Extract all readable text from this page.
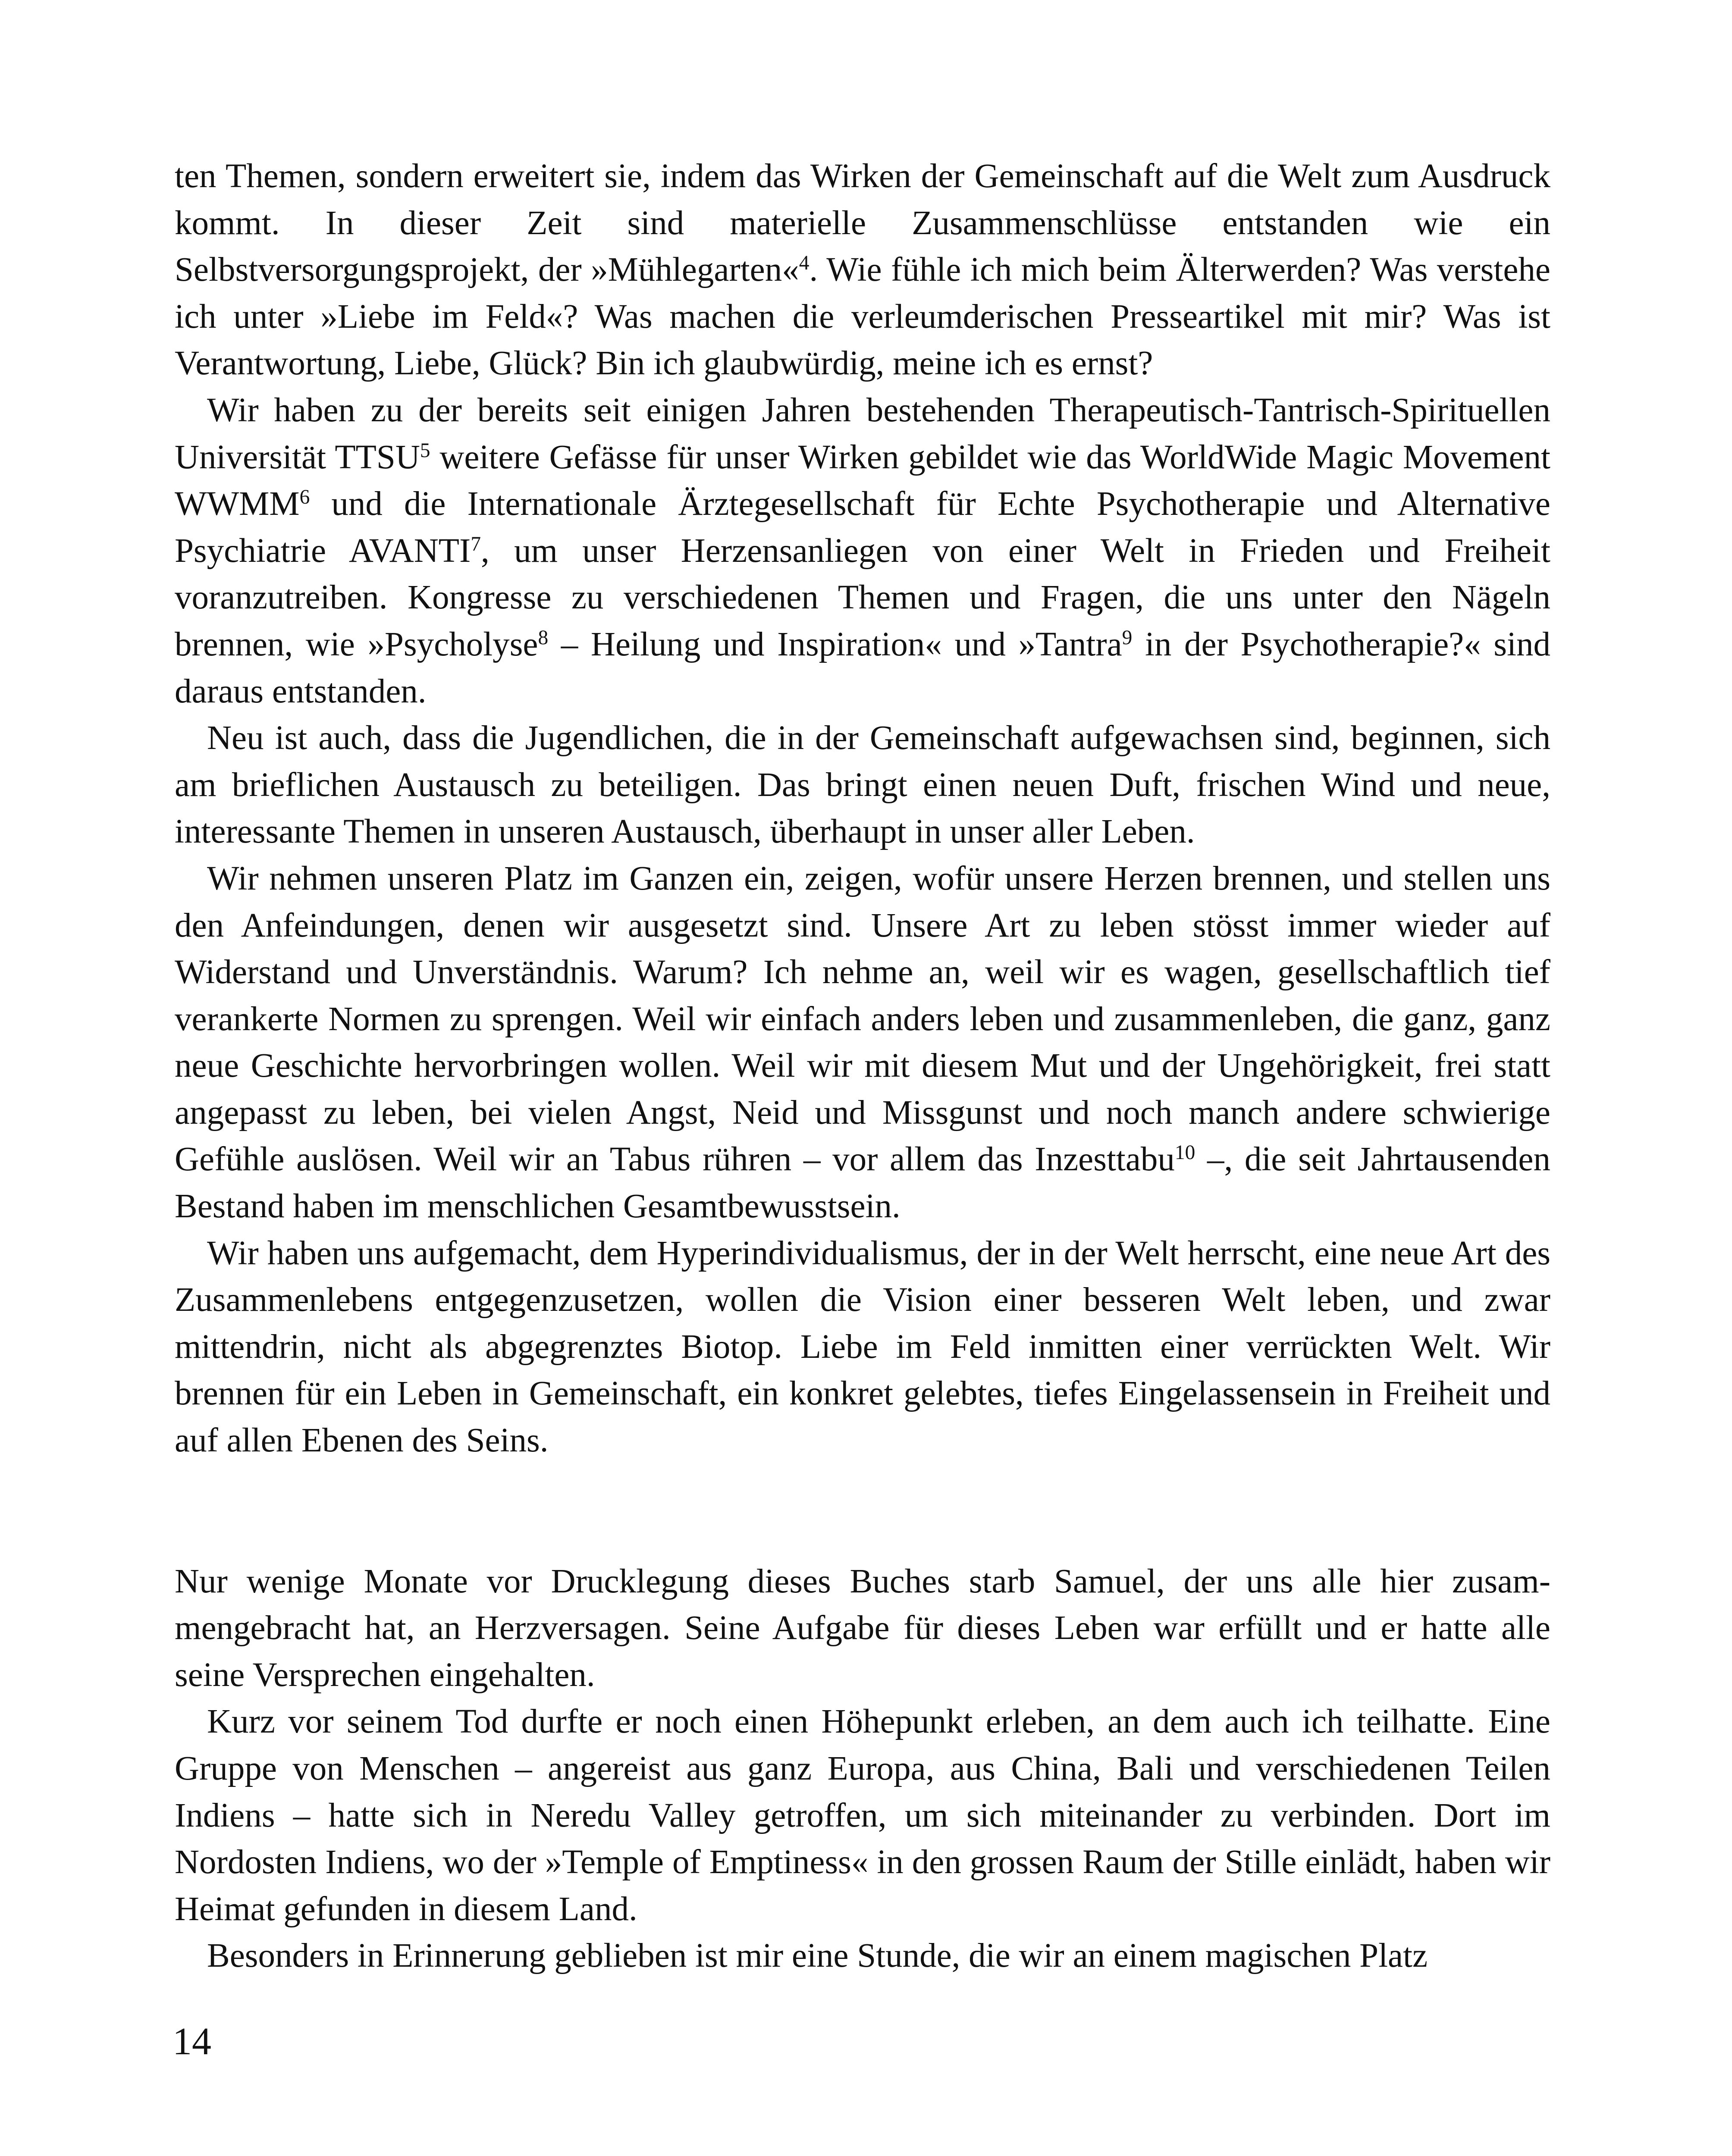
ten Themen, sondern erweitert sie, indem das Wirken der Gemeinschaft auf die Welt zum Ausdruck kommt. In dieser Zeit sind materielle Zusammenschlüsse entstanden wie ein Selbstversorgungsprojekt, der »Mühlegarten«$^4$. Wie fühle ich mich beim Älterwerden? Was verstehe ich unter »Liebe im Feld«? Was machen die verleumderischen Presseartikel mit mir? Was ist Verantwortung, Liebe, Glück? Bin ich glaubwürdig, meine ich es ernst?

Wir haben zu der bereits seit einigen Jahren bestehenden Therapeutisch-Tantrisch-Spirituellen Universität TTSU$^5$ weitere Gefässe für unser Wirken gebildet wie das WorldWide Magic Movement WWMM$^6$ und die Internationale Ärztegesellschaft für Echte Psychotherapie und Alternative Psychiatrie AVANTI$^7$, um unser Herzensanliegen von einer Welt in Frieden und Freiheit voranzutreiben. Kongresse zu verschiedenen Themen und Fragen, die uns unter den Nägeln brennen, wie »Psycholyse$^8$ – Heilung und Inspiration« und »Tantra$^9$ in der Psychotherapie?« sind daraus entstanden.

Neu ist auch, dass die Jugendlichen, die in der Gemeinschaft aufgewachsen sind, beginnen, sich am brieflichen Austausch zu beteiligen. Das bringt einen neuen Duft, frischen Wind und neue, interessante Themen in unseren Austausch, überhaupt in unser aller Leben.

Wir nehmen unseren Platz im Ganzen ein, zeigen, wofür unsere Herzen brennen, und stellen uns den Anfeindungen, denen wir ausgesetzt sind. Unsere Art zu leben stösst immer wieder auf Widerstand und Unverständnis. Warum? Ich nehme an, weil wir es wagen, gesellschaftlich tief verankerte Normen zu sprengen. Weil wir einfach anders leben und zusammenleben, die ganz, ganz neue Geschichte hervorbringen wollen. Weil wir mit diesem Mut und der Ungehörigkeit, frei statt angepasst zu leben, bei vielen Angst, Neid und Missgunst und noch manch andere schwierige Gefühle auslösen. Weil wir an Tabus rühren – vor allem das Inzesttabu$^{10}$ –, die seit Jahrtausenden Bestand haben im menschlichen Gesamtbewusstsein.

Wir haben uns aufgemacht, dem Hyperindividualismus, der in der Welt herrscht, eine neue Art des Zusammenlebens entgegenzusetzen, wollen die Vision einer besseren Welt leben, und zwar mittendrin, nicht als abgegrenztes Biotop. Liebe im Feld inmitten einer verrückten Welt. Wir brennen für ein Leben in Gemeinschaft, ein konkret gelebtes, tiefes Eingelassensein in Freiheit und auf allen Ebenen des Seins.

Nur wenige Monate vor Drucklegung dieses Buches starb Samuel, der uns alle hier zusammengebracht hat, an Herzversagen. Seine Aufgabe für dieses Leben war erfüllt und er hatte alle seine Versprechen eingehalten.

Kurz vor seinem Tod durfte er noch einen Höhepunkt erleben, an dem auch ich teilhatte. Eine Gruppe von Menschen – angereist aus ganz Europa, aus China, Bali und verschiedenen Teilen Indiens – hatte sich in Neredu Valley getroffen, um sich miteinander zu verbinden. Dort im Nordosten Indiens, wo der »Temple of Emptiness« in den grossen Raum der Stille einlädt, haben wir Heimat gefunden in diesem Land.

Besonders in Erinnerung geblieben ist mir eine Stunde, die wir an einem magischen Platz

14
